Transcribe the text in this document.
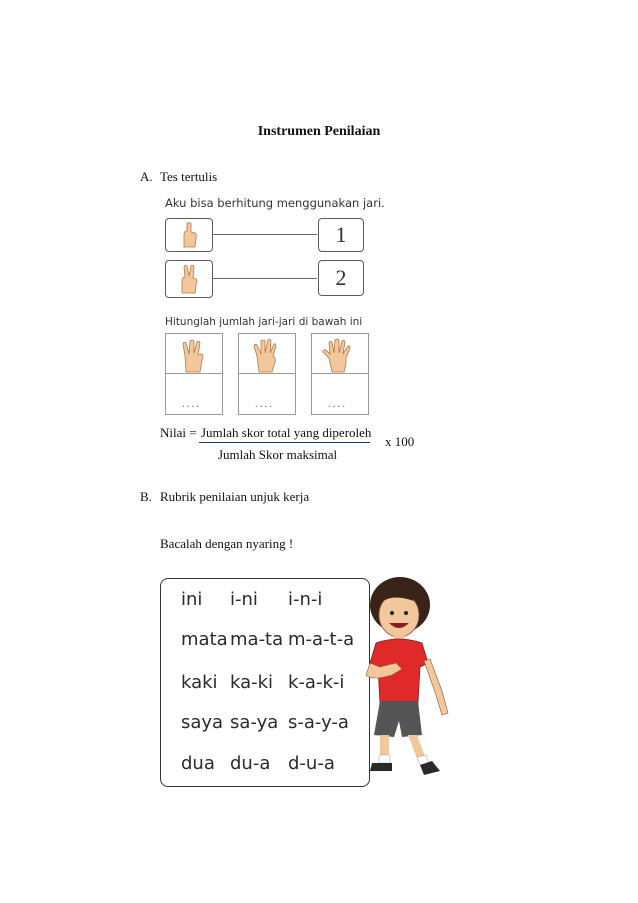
Instrumen Penilaian
A. Tes tertulis
Aku bisa berhitung menggunakan jari.
1
2
Hitunglah jumlah jari-jari di bawah ini
....	....	....
Nilai = Jumlah skor total yang diperoleh
x 100
Jumlah Skor maksimal
B. Rubrik penilaian unjuk kerja
Bacalah dengan nyaring !
ini i-ni i-n-i
mata ma-ta m-a-t-a
kaki ka-ki k-a-k-i
saya sa-ya s-a-y-a
dua du-a d-u-a
